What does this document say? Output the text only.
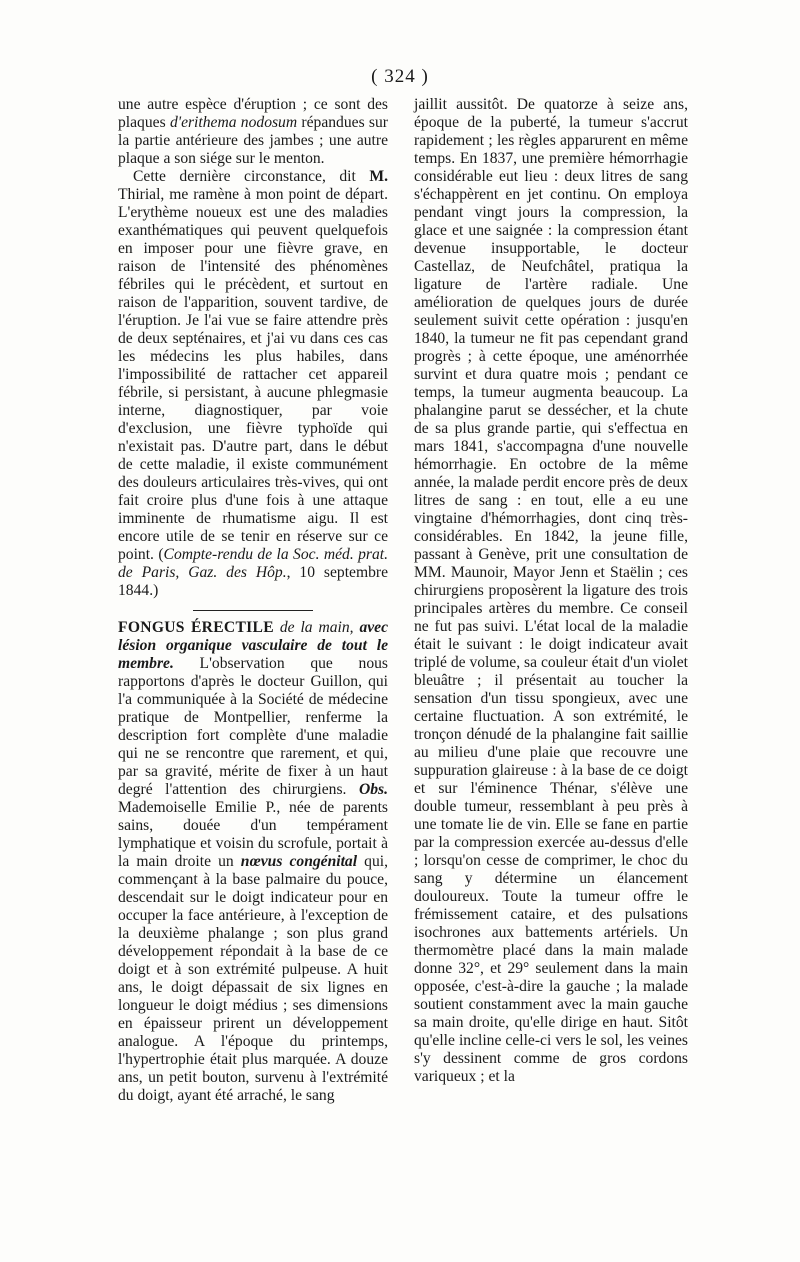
( 324 )

une autre espèce d'éruption ; ce sont des plaques d'erithema nodosum répandues sur la partie antérieure des jambes ; une autre plaque a son siége sur le menton.

Cette dernière circonstance, dit M. Thirial, me ramène à mon point de départ. L'erythème noueux est une des maladies exanthématiques qui peuvent quelquefois en imposer pour une fièvre grave, en raison de l'intensité des phénomènes fébriles qui le précèdent, et surtout en raison de l'apparition, souvent tardive, de l'éruption. Je l'ai vue se faire attendre près de deux septénaires, et j'ai vu dans ces cas les médecins les plus habiles, dans l'impossibilité de rattacher cet appareil fébrile, si persistant, à aucune phlegmasie interne, diagnostiquer, par voie d'exclusion, une fièvre typhoïde qui n'existait pas. D'autre part, dans le début de cette maladie, il existe communément des douleurs articulaires très-vives, qui ont fait croire plus d'une fois à une attaque imminente de rhumatisme aigu. Il est encore utile de se tenir en réserve sur ce point. (Compte-rendu de la Soc. méd. prat. de Paris, Gaz. des Hôp., 10 septembre 1844.)

FONGUS ÉRECTILE de la main, avec lésion organique vasculaire de tout le membre. L'observation que nous rapportons d'après le docteur Guillon, qui l'a communiquée à la Société de médecine pratique de Montpellier, renferme la description fort complète d'une maladie qui ne se rencontre que rarement, et qui, par sa gravité, mérite de fixer à un haut degré l'attention des chirurgiens. Obs. Mademoiselle Emilie P., née de parents sains, douée d'un tempérament lymphatique et voisin du scrofule, portait à la main droite un nœvus congénital qui, commençant à la base palmaire du pouce, descendait sur le doigt indicateur pour en occuper la face antérieure, à l'exception de la deuxième phalange ; son plus grand développement répondait à la base de ce doigt et à son extrémité pulpeuse. A huit ans, le doigt dépassait de six lignes en longueur le doigt médius ; ses dimensions en épaisseur prirent un développement analogue. A l'époque du printemps, l'hypertrophie était plus marquée. A douze ans, un petit bouton, survenu à l'extrémité du doigt, ayant été arraché, le sang

jaillit aussitôt. De quatorze à seize ans, époque de la puberté, la tumeur s'accrut rapidement ; les règles apparurent en même temps. En 1837, une première hémorrhagie considérable eut lieu : deux litres de sang s'échappèrent en jet continu. On employa pendant vingt jours la compression, la glace et une saignée : la compression étant devenue insupportable, le docteur Castellaz, de Neufchâtel, pratiqua la ligature de l'artère radiale. Une amélioration de quelques jours de durée seulement suivit cette opération : jusqu'en 1840, la tumeur ne fit pas cependant grand progrès ; à cette époque, une aménorrhée survint et dura quatre mois ; pendant ce temps, la tumeur augmenta beaucoup. La phalangine parut se dessécher, et la chute de sa plus grande partie, qui s'effectua en mars 1841, s'accompagna d'une nouvelle hémorrhagie. En octobre de la même année, la malade perdit encore près de deux litres de sang : en tout, elle a eu une vingtaine d'hémorrhagies, dont cinq très-considérables. En 1842, la jeune fille, passant à Genève, prit une consultation de MM. Maunoir, Mayor Jenn et Staëlin ; ces chirurgiens proposèrent la ligature des trois principales artères du membre. Ce conseil ne fut pas suivi. L'état local de la maladie était le suivant : le doigt indicateur avait triplé de volume, sa couleur était d'un violet bleuâtre ; il présentait au toucher la sensation d'un tissu spongieux, avec une certaine fluctuation. A son extrémité, le tronçon dénudé de la phalangine fait saillie au milieu d'une plaie que recouvre une suppuration glaireuse : à la base de ce doigt et sur l'éminence Thénar, s'élève une double tumeur, ressemblant à peu près à une tomate lie de vin. Elle se fane en partie par la compression exercée au-dessus d'elle ; lorsqu'on cesse de comprimer, le choc du sang y détermine un élancement douloureux. Toute la tumeur offre le frémissement cataire, et des pulsations isochrones aux battements artériels. Un thermomètre placé dans la main malade donne 32°, et 29° seulement dans la main opposée, c'est-à-dire la gauche ; la malade soutient constamment avec la main gauche sa main droite, qu'elle dirige en haut. Sitôt qu'elle incline celle-ci vers le sol, les veines s'y dessinent comme de gros cordons variqueux ; et la
